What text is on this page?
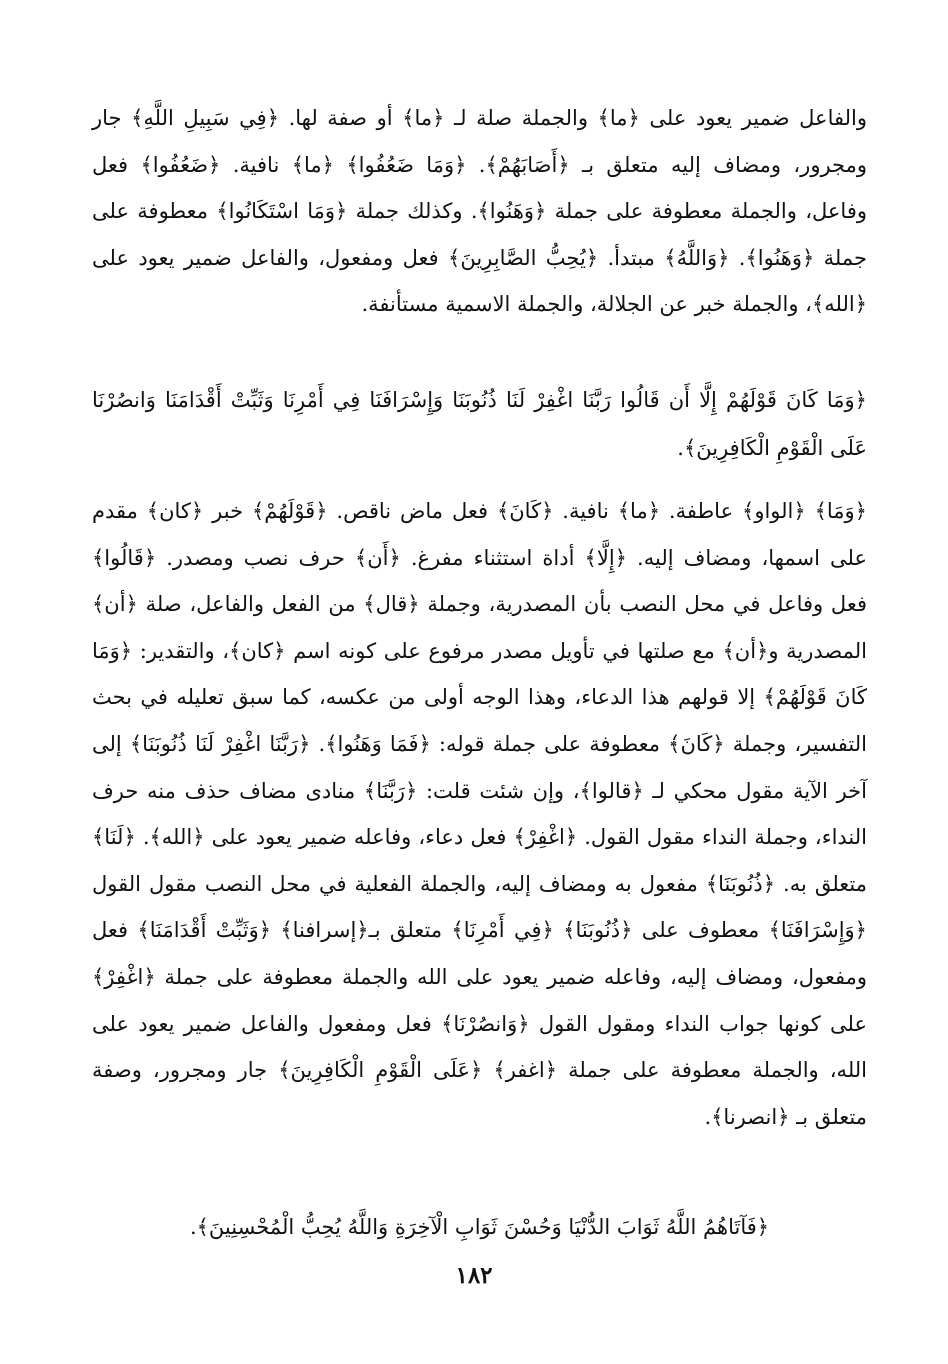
والفاعل ضمير يعود على ﴿ما﴾ والجملة صلة لـ ﴿ما﴾ أو صفة لها. ﴿فِي سَبِيلِ اللَّهِ﴾ جار ومجرور، ومضاف إليه متعلق بـ ﴿أَصَابَهُمْ﴾. ﴿وَمَا ضَعُفُوا﴾ ﴿ما﴾ نافية. ﴿ضَعُفُوا﴾ فعل وفاعل، والجملة معطوفة على جملة ﴿وَهَنُوا﴾. وكذلك جملة ﴿وَمَا اسْتَكَانُوا﴾ معطوفة على جملة ﴿وَهَنُوا﴾. ﴿وَاللَّهُ﴾ مبتدأ. ﴿يُحِبُّ الصَّابِرِينَ﴾ فعل ومفعول، والفاعل ضمير يعود على ﴿الله﴾، والجملة خبر عن الجلالة، والجملة الاسمية مستأنفة.

﴿وَمَا كَانَ قَوْلَهُمْ إِلَّا أَن قَالُوا رَبَّنَا اغْفِرْ لَنَا ذُنُوبَنَا وَإِسْرَافَنَا فِي أَمْرِنَا وَثَبِّتْ أَقْدَامَنَا وَانصُرْنَا عَلَى الْقَوْمِ الْكَافِرِينَ﴾.

﴿وَمَا﴾ ﴿الواو﴾ عاطفة. ﴿ما﴾ نافية. ﴿كَانَ﴾ فعل ماض ناقص. ﴿قَوْلَهُمْ﴾ خبر ﴿كان﴾ مقدم على اسمها، ومضاف إليه. ﴿إِلَّا﴾ أداة استثناء مفرغ. ﴿أَن﴾ حرف نصب ومصدر. ﴿قَالُوا﴾ فعل وفاعل في محل النصب بأن المصدرية، وجملة ﴿قال﴾ من الفعل والفاعل، صلة ﴿أن﴾ المصدرية و﴿أن﴾ مع صلتها في تأويل مصدر مرفوع على كونه اسم ﴿كان﴾، والتقدير: ﴿وَمَا كَانَ قَوْلَهُمْ﴾ إلا قولهم هذا الدعاء، وهذا الوجه أولى من عكسه، كما سبق تعليله في بحث التفسير، وجملة ﴿كَانَ﴾ معطوفة على جملة قوله: ﴿فَمَا وَهَنُوا﴾. ﴿رَبَّنَا اغْفِرْ لَنَا ذُنُوبَنَا﴾ إلى آخر الآية مقول محكي لـ ﴿قالوا﴾، وإن شئت قلت: ﴿رَبَّنَا﴾ منادى مضاف حذف منه حرف النداء، وجملة النداء مقول القول. ﴿اغْفِرْ﴾ فعل دعاء، وفاعله ضمير يعود على ﴿الله﴾. ﴿لَنَا﴾ متعلق به. ﴿ذُنُوبَنَا﴾ مفعول به ومضاف إليه، والجملة الفعلية في محل النصب مقول القول ﴿وَإِسْرَافَنَا﴾ معطوف على ﴿ذُنُوبَنَا﴾ ﴿فِي أَمْرِنَا﴾ متعلق بـ﴿إسرافنا﴾ ﴿وَثَبِّتْ أَقْدَامَنَا﴾ فعل ومفعول، ومضاف إليه، وفاعله ضمير يعود على الله والجملة معطوفة على جملة ﴿اغْفِرْ﴾ على كونها جواب النداء ومقول القول ﴿وَانصُرْنَا﴾ فعل ومفعول والفاعل ضمير يعود على الله، والجملة معطوفة على جملة ﴿اغفر﴾ ﴿عَلَى الْقَوْمِ الْكَافِرِينَ﴾ جار ومجرور، وصفة متعلق بـ ﴿انصرنا﴾.

﴿فَآتَاهُمُ اللَّهُ ثَوَابَ الدُّنْيَا وَحُسْنَ ثَوَابِ الْآخِرَةِ وَاللَّهُ يُحِبُّ الْمُحْسِنِينَ﴾.

١٨٢
